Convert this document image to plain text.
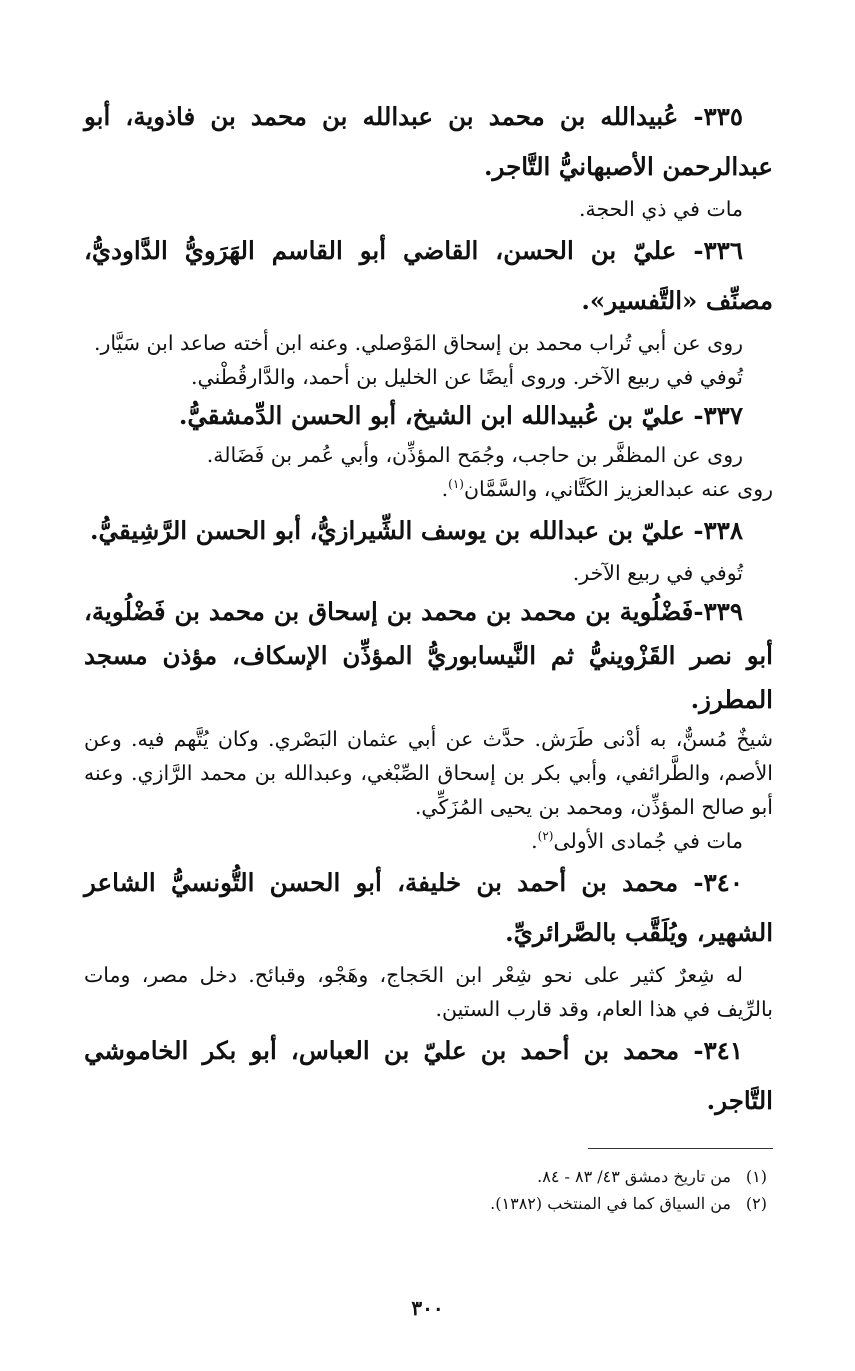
٣٣٥- عُبيدالله بن محمد بن عبدالله بن محمد بن فاذوية، أبو عبدالرحمن الأصبهانيُّ التَّاجر.

مات في ذي الحجة.

٣٣٦- عليّ بن الحسن، القاضي أبو القاسم الهَرَويُّ الدَّاوديُّ، مصنِّف «التَّفسير».

روى عن أبي تُراب محمد بن إسحاق المَوْصلي. وعنه ابن أخته صاعد ابن سَيَّار.

تُوفي في ربيع الآخر. وروى أيضًا عن الخليل بن أحمد، والدَّارقُطْني.

٣٣٧- عليّ بن عُبيدالله ابن الشيخ، أبو الحسن الدِّمشقيُّ.

روى عن المظفَّر بن حاجب، وجُمَح المؤذِّن، وأبي عُمر بن فَضَالة.

روى عنه عبدالعزيز الكَتَّاني، والسَّمَّان$^{(١)}$.

٣٣٨- عليّ بن عبدالله بن يوسف الشِّيرازيُّ، أبو الحسن الرَّشِيقيُّ.

تُوفي في ربيع الآخر.

٣٣٩-فَضْلُوية بن محمد بن محمد بن إسحاق بن محمد بن فَضْلُوية، أبو نصر القَزْوينيُّ ثم النَّيسابوريُّ المؤذِّن الإسكاف، مؤذن مسجد المطرز.

شيخٌ مُسنٌّ، به أدْنى طَرَش. حدَّث عن أبي عثمان البَصْري. وكان يُتَّهم فيه. وعن الأصم، والطَّرائفي، وأبي بكر بن إسحاق الصِّبْغي، وعبدالله بن محمد الرَّازي. وعنه أبو صالح المؤذِّن، ومحمد بن يحيى المُزَكِّي.

مات في جُمادى الأولى$^{(٢)}$.

٣٤٠- محمد بن أحمد بن خليفة، أبو الحسن التُّونسيُّ الشاعر الشهير، ويُلَقَّب بالصَّرائريِّ.

له شِعرٌ كثير على نحو شِعْر ابن الحَجاج، وهَجْو، وقبائح. دخل مصر، ومات بالرِّيف في هذا العام، وقد قارب الستين.

٣٤١- محمد بن أحمد بن عليّ بن العباس، أبو بكر الخاموشي التَّاجر.

(١)من تاريخ دمشق ٤٣/ ٨٣ - ٨٤.

(٢)من السياق كما في المنتخب (١٣٨٢).

٣٠٠
